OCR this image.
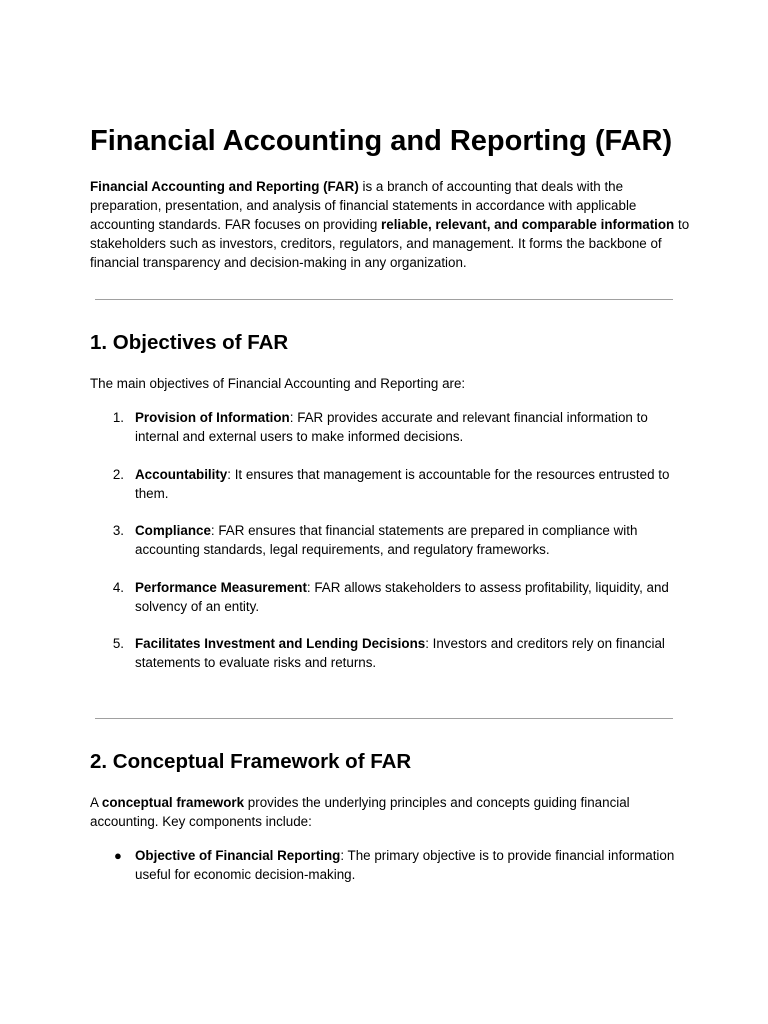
Financial Accounting and Reporting (FAR)

Financial Accounting and Reporting (FAR) is a branch of accounting that deals with the preparation, presentation, and analysis of financial statements in accordance with applicable accounting standards. FAR focuses on providing reliable, relevant, and comparable information to stakeholders such as investors, creditors, regulators, and management. It forms the backbone of financial transparency and decision-making in any organization.

1. Objectives of FAR

The main objectives of Financial Accounting and Reporting are:

1. Provision of Information: FAR provides accurate and relevant financial information to internal and external users to make informed decisions.
2. Accountability: It ensures that management is accountable for the resources entrusted to them.
3. Compliance: FAR ensures that financial statements are prepared in compliance with accounting standards, legal requirements, and regulatory frameworks.
4. Performance Measurement: FAR allows stakeholders to assess profitability, liquidity, and solvency of an entity.
5. Facilitates Investment and Lending Decisions: Investors and creditors rely on financial statements to evaluate risks and returns.
2. Conceptual Framework of FAR

A conceptual framework provides the underlying principles and concepts guiding financial accounting. Key components include:

● Objective of Financial Reporting: The primary objective is to provide financial information useful for economic decision-making.
